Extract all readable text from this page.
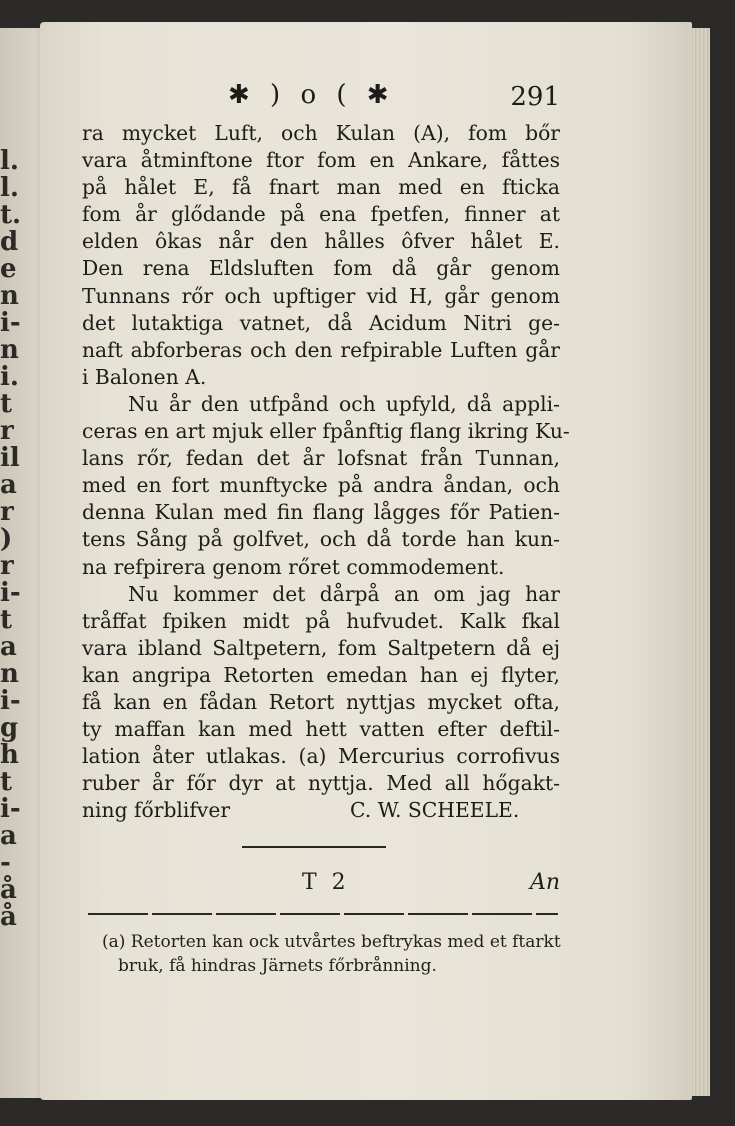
l.
l.
t.
d
e
n
i-
n
i.
t
r
il
a
r
)
r
i-
t
a
n
i-
g
h
t
i-
a
-
å
å
✱ ) o ( ✱	291
ra mycket Luft, och Kulan (A), fom bőr
vara åtminftone ftor fom en Ankare, fåttes
på hålet E, få fnart man med en fticka
fom år glődande på ena fpetfen, finner at
elden ôkas når den hålles ôfver hålet E.
Den rena Eldsluften fom då går genom
Tunnans rőr och upftiger vid H, går genom
det lutaktiga vatnet, då Acidum Nitri ge-
naft abforberas och den refpirable Luften går
i Balonen A.
Nu år den utfpånd och upfyld, då appli-
ceras en art mjuk eller fpånftig flang ikring Ku-
lans rőr, fedan det år lofsnat från Tunnan,
med en fort munftycke på andra åndan, och
denna Kulan med fin flang lågges főr Patien-
tens Sång på golfvet, och då torde han kun-
na refpirera genom rőret commodement.
Nu kommer det dårpå an om jag har
tråffat fpiken midt på hufvudet. Kalk fkal
vara ibland Saltpetern, fom Saltpetern då ej
kan angripa Retorten emedan han ej flyter,
få kan en fådan Retort nyttjas mycket ofta,
ty maffan kan med hett vatten efter deftil-
lation åter utlakas. (a) Mercurius corrofivus
ruber år főr dyr at nyttja. Med all hőgakt-
ning főrblifver	C. W. SCHEELE.
T 2	An
(a) Retorten kan ock utvårtes beftrykas med et ftarkt
bruk, få hindras Järnets főrbrånning.
